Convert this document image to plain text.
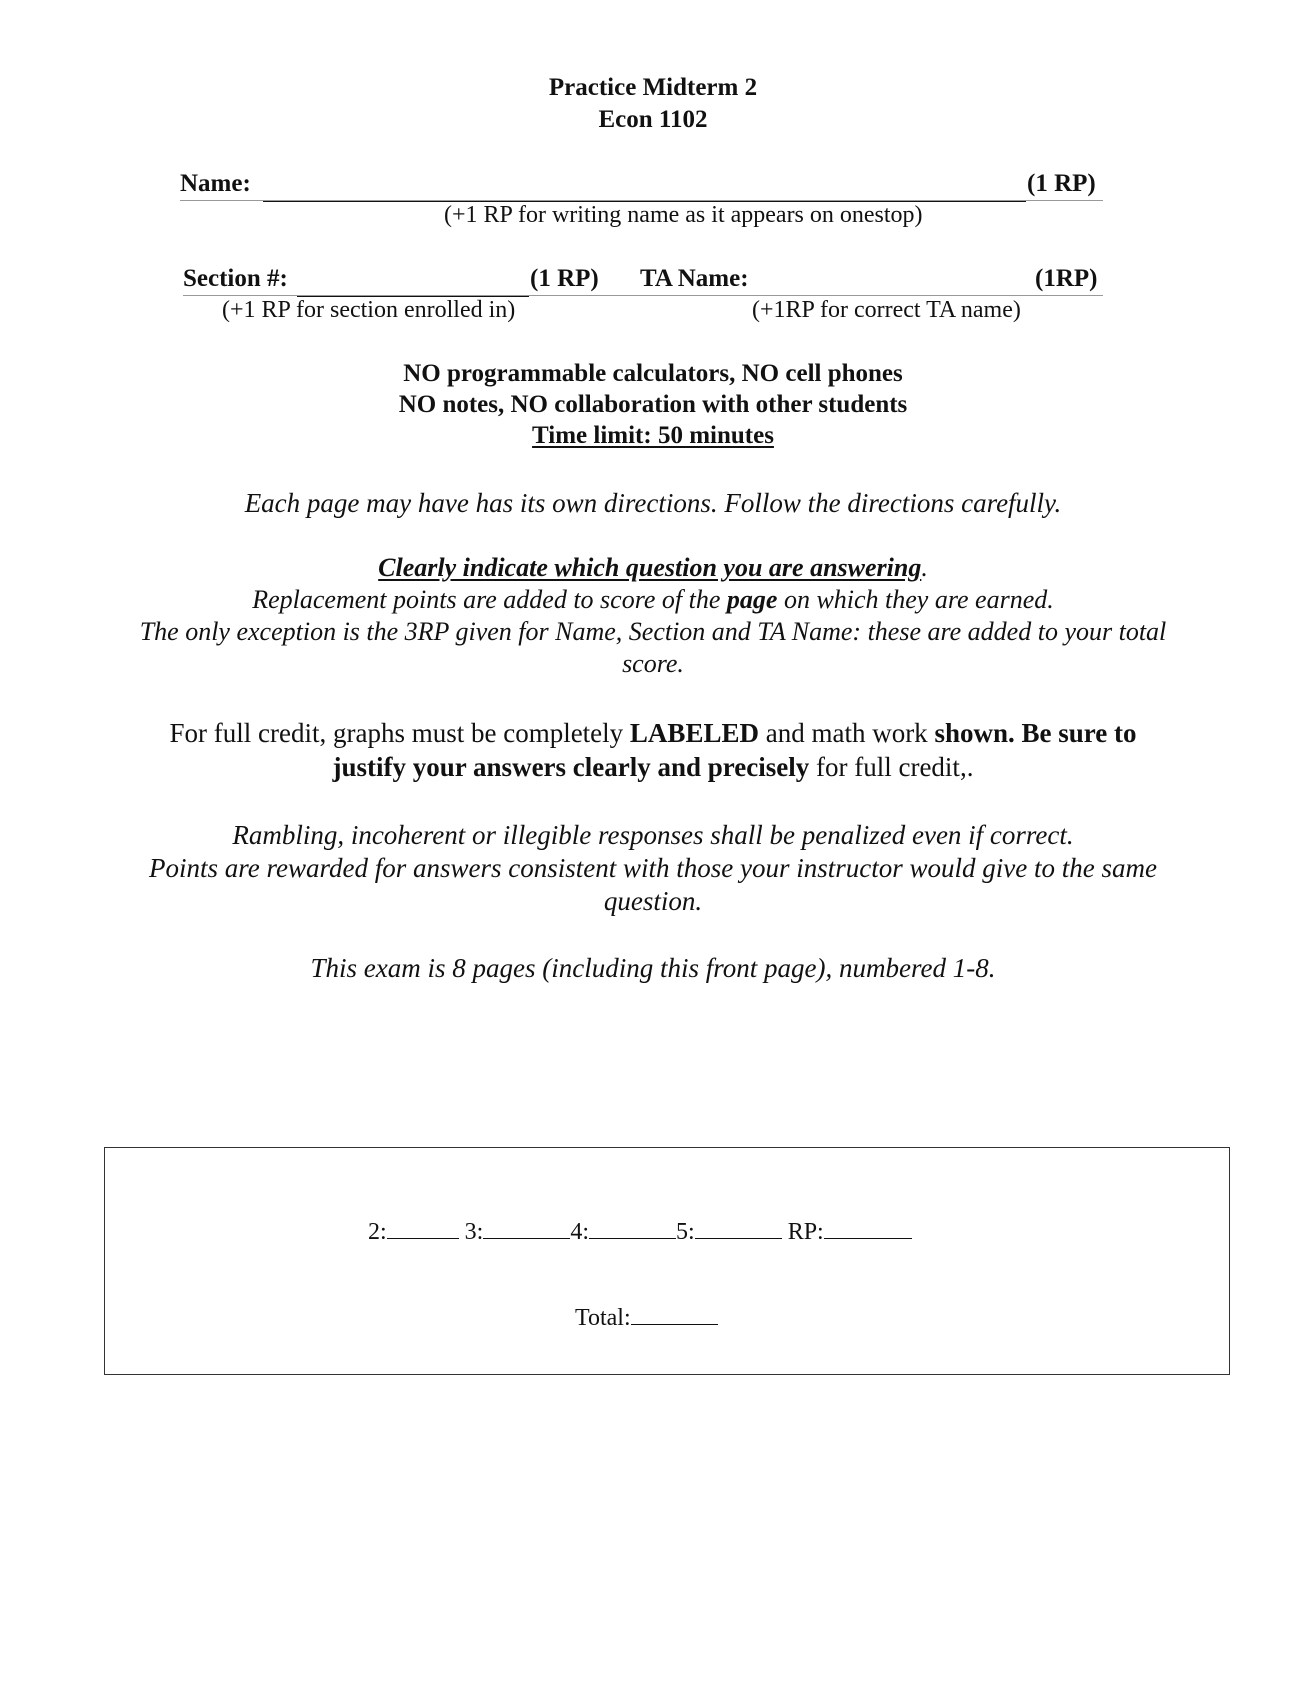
Practice Midterm 2
Econ 1102
Name:	(1 RP)
(+1 RP for writing name as it appears on onestop)
Section #:	(1 RP) TA Name:	(1RP)
(+1 RP for section enrolled in)	(+1RP for correct TA name)
NO programmable calculators, NO cell phones
NO notes, NO collaboration with other students
Time limit: 50 minutes
Each page may have has its own directions. Follow the directions carefully.
Clearly indicate which question you are answering.
Replacement points are added to score of the page on which they are earned.
The only exception is the 3RP given for Name, Section and TA Name: these are added to your total
score.
For full credit, graphs must be completely LABELED and math work shown. Be sure to
justify your answers clearly and precisely for full credit,.
Rambling, incoherent or illegible responses shall be penalized even if correct.
Points are rewarded for answers consistent with those your instructor would give to the same
question.
This exam is 8 pages (including this front page), numbered 1-8.
2:	3:	4:	5:	RP:
Total:
